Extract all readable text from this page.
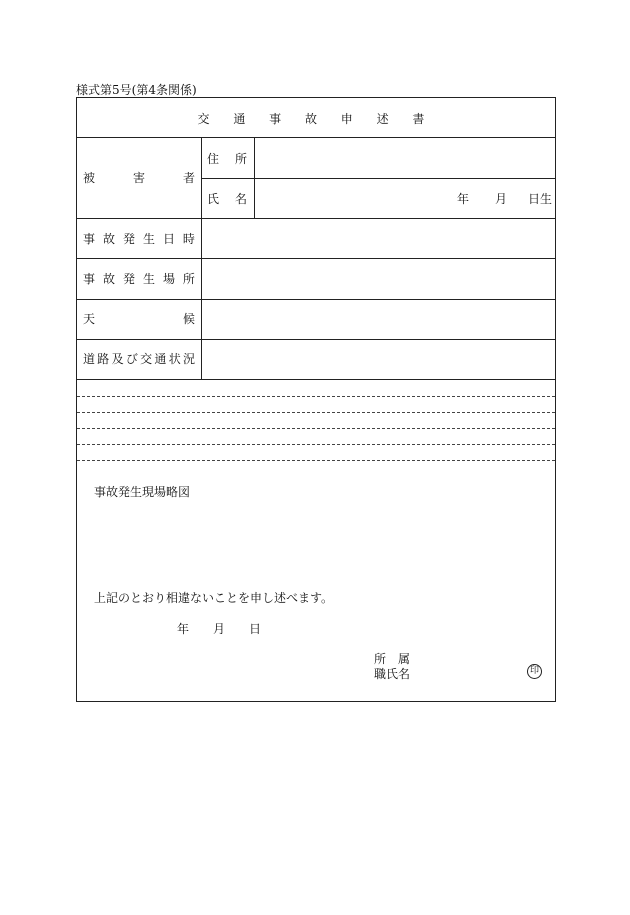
様式第5号(第4条関係)
交 通 事 故 申 述 書
被	害	者
住 所
氏 名	年 月 日生
事 故 発 生 日 時
事 故 発 生 場 所
天	候
道 路 及 び 交 通 状 況
事故発生現場略図
上記のとおり相違ないことを申し述べます。
年 月 日
所　属
職氏名	印
